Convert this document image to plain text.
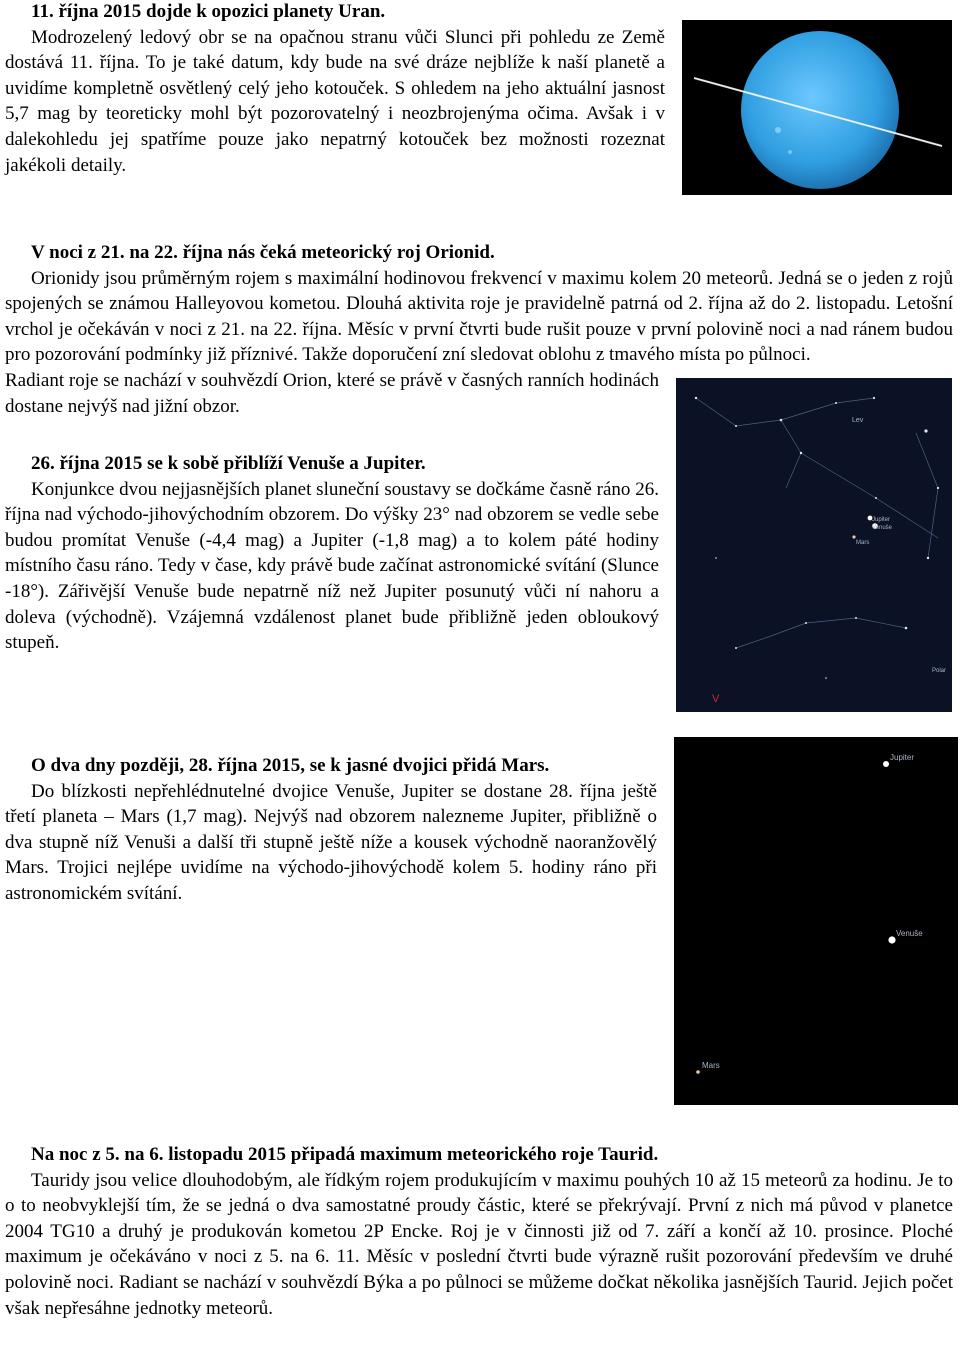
11. října 2015 dojde k opozici planety Uran.

Modrozelený ledový obr se na opačnou stranu vůči Slunci při pohledu ze Země dostává 11. října. To je také datum, kdy bude na své dráze nejblíže k naší planetě a uvidíme kompletně osvětlený celý jeho kotouček. S ohledem na jeho aktuální jasnost 5,7 mag by teoreticky mohl být pozorovatelný i neozbrojenýma očima. Avšak i v dalekohledu jej spatříme pouze jako nepatrný kotouček bez možnosti rozeznat jakékoli detaily.

V noci z 21. na 22. října nás čeká meteorický roj Orionid.

Orionidy jsou průměrným rojem s maximální hodinovou frekvencí v maximu kolem 20 meteorů. Jedná se o jeden z rojů spojených se známou Halleyovou kometou. Dlouhá aktivita roje je pravidelně patrná od 2. října až do 2. listopadu. Letošní vrchol je očekáván v noci z 21. na 22. října. Měsíc v první čtvrti bude rušit pouze v první polovině noci a nad ránem budou pro pozorování podmínky již příznivé. Takže doporučení zní sledovat oblohu z tmavého místa po půlnoci.

Radiant roje se nachází v souhvězdí Orion, které se právě v časných ranních hodinách dostane nejvýš nad jižní obzor.

26. října 2015 se k sobě přiblíží Venuše a Jupiter.

Konjunkce dvou nejjasnějších planet sluneční soustavy se dočkáme časně ráno 26. října nad východo-jihovýchodním obzorem. Do výšky 23° nad obzorem se vedle sebe budou promítat Venuše (-4,4 mag) a Jupiter (-1,8 mag) a to kolem páté hodiny místního času ráno. Tedy v čase, kdy právě bude začínat astronomické svítání (Slunce -18°). Zářivější Venuše bude nepatrně níž než Jupiter posunutý vůči ní nahoru a doleva (východně). Vzájemná vzdálenost planet bude přibližně jeden obloukový stupeň.

Lev
Jupiter
Venuše
Mars
Polar
V
O dva dny později, 28. října 2015, se k jasné dvojici přidá Mars.

Do blízkosti nepřehlédnutelné dvojice Venuše, Jupiter se dostane 28. října ještě třetí planeta – Mars (1,7 mag). Nejvýš nad obzorem nalezneme Jupiter, přibližně o dva stupně níž Venuši a další tři stupně ještě níže a kousek východně naoranžovělý Mars. Trojici nejlépe uvidíme na východo-jihovýchodě kolem 5. hodiny ráno při astronomickém svítání.

Jupiter
Venuše
Mars
Na noc z 5. na 6. listopadu 2015 připadá maximum meteorického roje Taurid.

Tauridy jsou velice dlouhodobým, ale řídkým rojem produkujícím v maximu pouhých 10 až 15 meteorů za hodinu. Je to o to neobvyklejší tím, že se jedná o dva samostatné proudy částic, které se překrývají. První z nich má původ v planetce 2004 TG10 a druhý je produkován kometou 2P Encke. Roj je v činnosti již od 7. září a končí až 10. prosince. Ploché maximum je očekáváno v noci z 5. na 6. 11. Měsíc v poslední čtvrti bude výrazně rušit pozorování především ve druhé polovině noci. Radiant se nachází v souhvězdí Býka a po půlnoci se můžeme dočkat několika jasnějších Taurid. Jejich počet však nepřesáhne jednotky meteorů.
